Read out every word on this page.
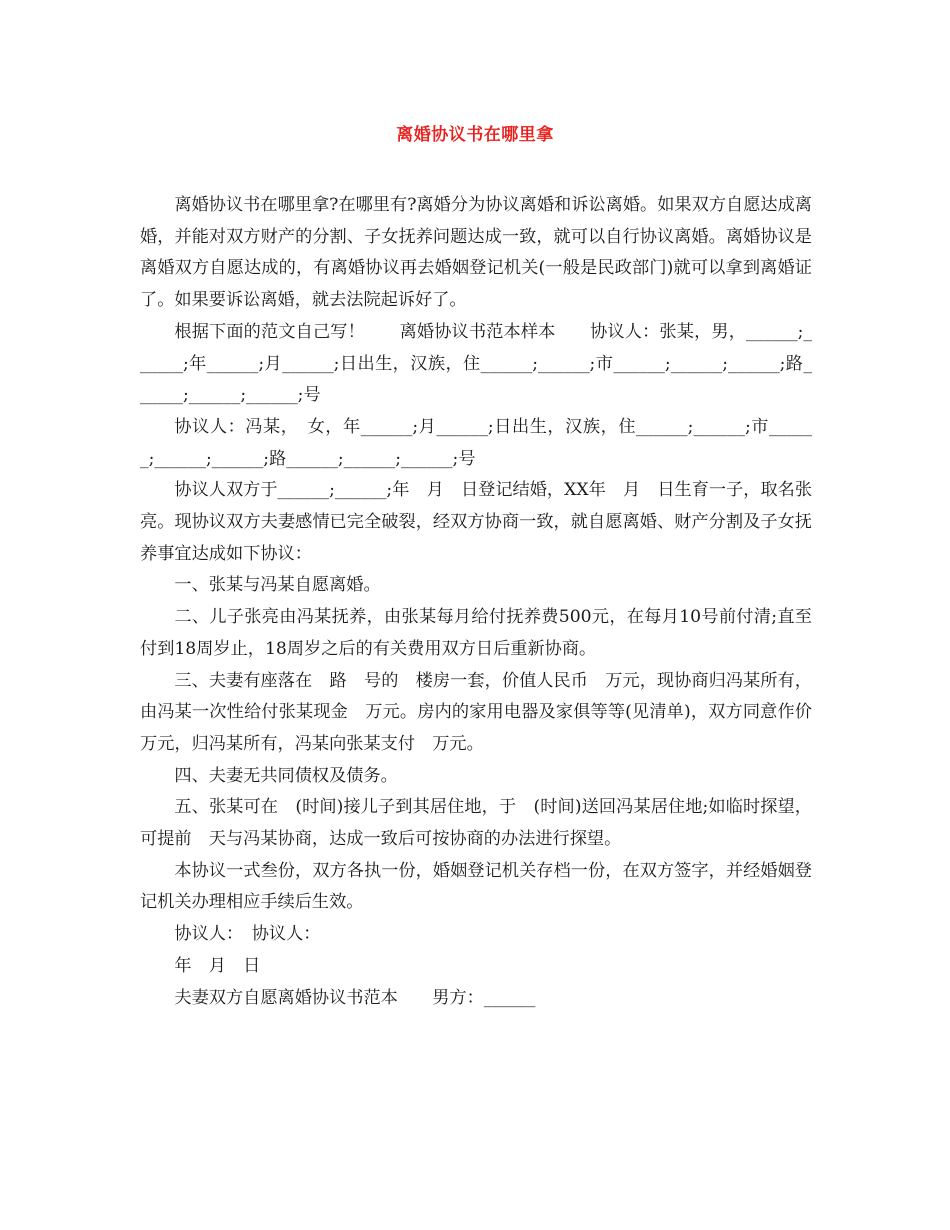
离婚协议书在哪里拿

离婚协议书在哪里拿?在哪里有?离婚分为协议离婚和诉讼离婚。如果双方自愿达成离婚，并能对双方财产的分割、子女抚养问题达成一致，就可以自行协议离婚。离婚协议是离婚双方自愿达成的，有离婚协议再去婚姻登记机关(一般是民政部门)就可以拿到离婚证了。如果要诉讼离婚，就去法院起诉好了。

根据下面的范文自己写！　　离婚协议书范本样本　　协议人：张某，男，______;______;年______;月______;日出生，汉族，住______;______;市______;______;______;路______;______;______;号

协议人：冯某，　女，年______;月______;日出生，汉族，住______;______;市______;______;______;路______;______;______;号

协议人双方于______;______;年　月　日登记结婚，XX年　月　日生育一子，取名张亮。现协议双方夫妻感情已完全破裂，经双方协商一致，就自愿离婚、财产分割及子女抚养事宜达成如下协议：

一、张某与冯某自愿离婚。

二、儿子张亮由冯某抚养，由张某每月给付抚养费500元，在每月10号前付清;直至付到18周岁止，18周岁之后的有关费用双方日后重新协商。

三、夫妻有座落在　路　号的　楼房一套，价值人民币　万元，现协商归冯某所有，由冯某一次性给付张某现金　万元。房内的家用电器及家俱等等(见清单)，双方同意作价　万元，归冯某所有，冯某向张某支付　万元。

四、夫妻无共同债权及债务。

五、张某可在　(时间)接儿子到其居住地，于　(时间)送回冯某居住地;如临时探望，可提前　天与冯某协商，达成一致后可按协商的办法进行探望。

本协议一式叁份，双方各执一份，婚姻登记机关存档一份，在双方签字，并经婚姻登记机关办理相应手续后生效。

协议人：　协议人：

年　月　日

夫妻双方自愿离婚协议书范本　　男方：______
